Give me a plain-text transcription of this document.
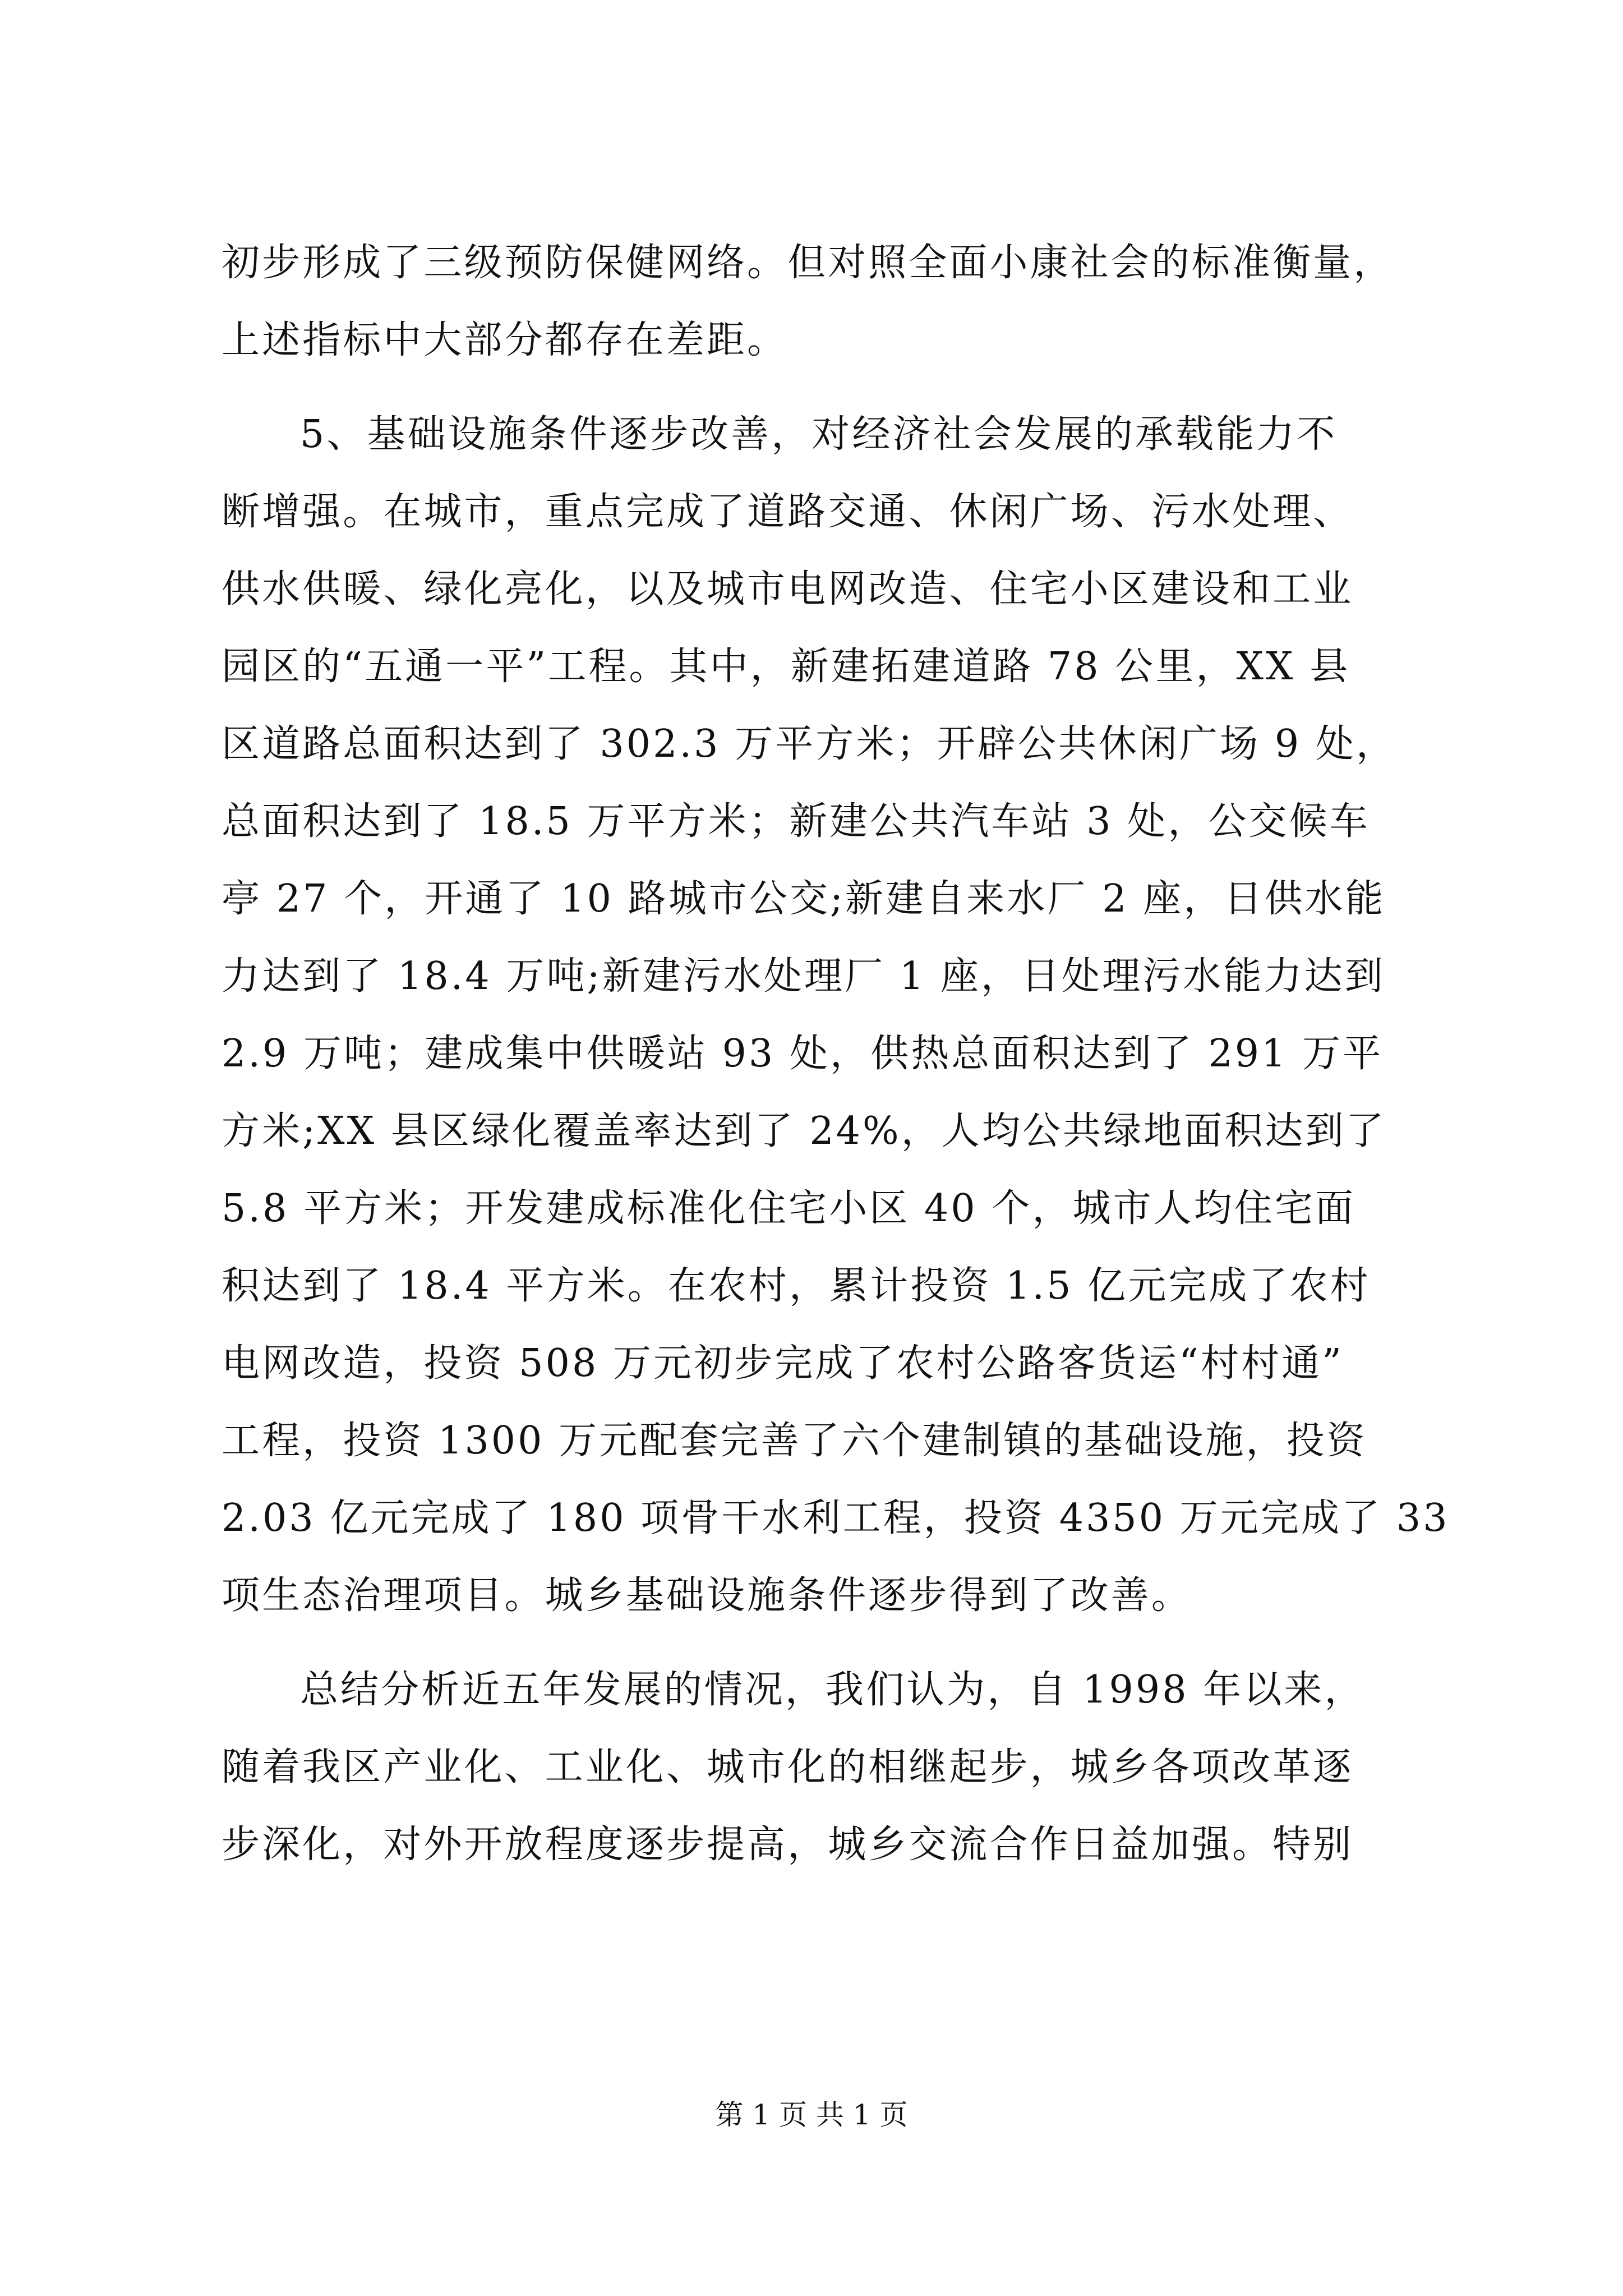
初步形成了三级预防保健网络。但对照全面小康社会的标准衡量，
上述指标中大部分都存在差距。
5、基础设施条件逐步改善，对经济社会发展的承载能力不
断增强。在城市，重点完成了道路交通、休闲广场、污水处理、
供水供暖、绿化亮化，以及城市电网改造、住宅小区建设和工业
园区的“五通一平”工程。其中，新建拓建道路 78 公里，XX 县
区道路总面积达到了 302.3 万平方米；开辟公共休闲广场 9 处，
总面积达到了 18.5 万平方米；新建公共汽车站 3 处，公交候车
亭 27 个，开通了 10 路城市公交;新建自来水厂 2 座，日供水能
力达到了 18.4 万吨;新建污水处理厂 1 座，日处理污水能力达到
2.9 万吨；建成集中供暖站 93 处，供热总面积达到了 291 万平
方米;XX 县区绿化覆盖率达到了 24%，人均公共绿地面积达到了
5.8 平方米；开发建成标准化住宅小区 40 个，城市人均住宅面
积达到了 18.4 平方米。在农村，累计投资 1.5 亿元完成了农村
电网改造，投资 508 万元初步完成了农村公路客货运“村村通”
工程，投资 1300 万元配套完善了六个建制镇的基础设施，投资
2.03 亿元完成了 180 项骨干水利工程，投资 4350 万元完成了 33
项生态治理项目。城乡基础设施条件逐步得到了改善。
总结分析近五年发展的情况，我们认为，自 1998 年以来，
随着我区产业化、工业化、城市化的相继起步，城乡各项改革逐
步深化，对外开放程度逐步提高，城乡交流合作日益加强。特别
第 1 页 共 1 页
